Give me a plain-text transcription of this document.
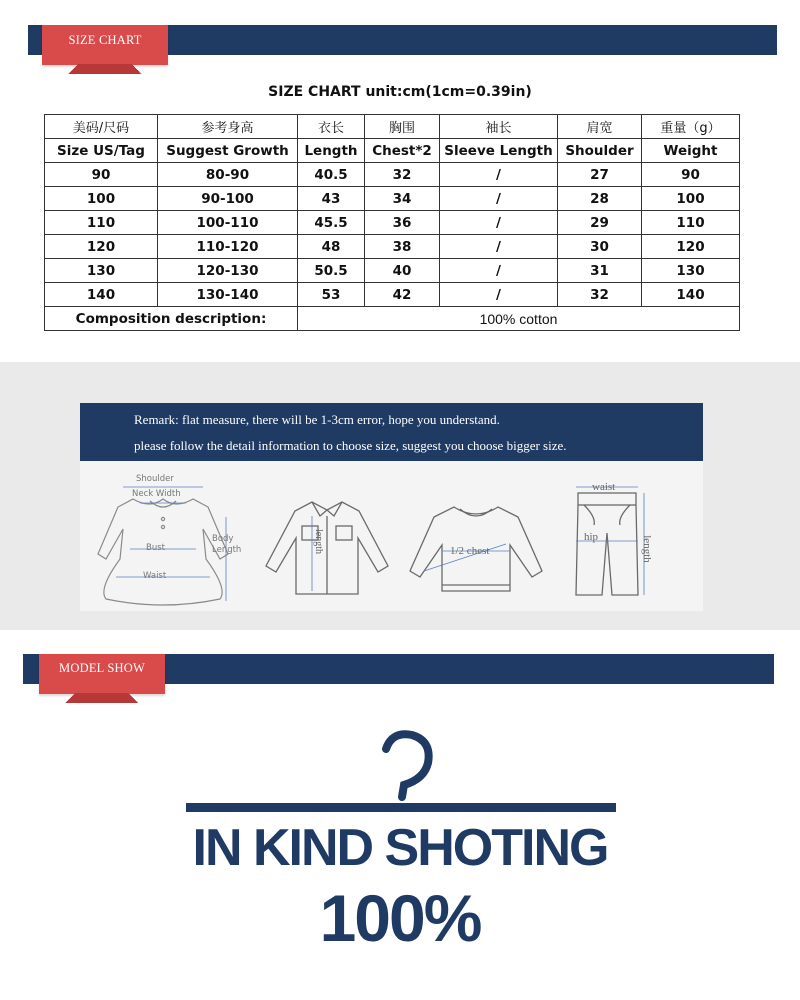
SIZE CHART
SIZE CHART unit:cm(1cm=0.39in)
美码/尺码	参考身高	衣长	胸围	袖长	肩宽	重量（g）
Size US/Tag	Suggest Growth	Length	Chest*2	Sleeve Length	Shoulder	Weight
90	80-90	40.5	32	/	27	90
100	90-100	43	34	/	28	100
110	100-110	45.5	36	/	29	110
120	110-120	48	38	/	30	120
130	120-130	50.5	40	/	31	130
140	130-140	53	42	/	32	140
Composition description:		100% cotton				
Remark: flat measure, there will be 1-3cm error, hope you understand.
please follow the detail information to choose size, suggest you choose bigger size.
Shoulder
Neck Width
Bust
Waist
Body
Length	length	1/2 chest
waist
hip	length
MODEL SHOW
IN KIND SHOTING
100%
